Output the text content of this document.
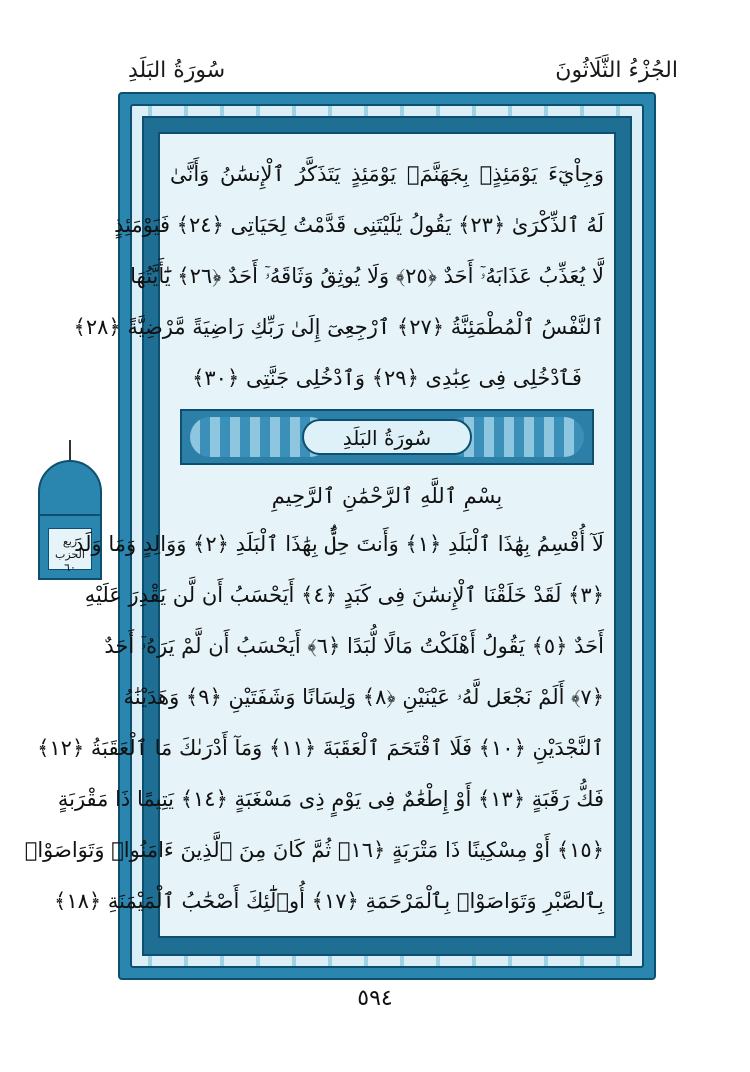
سُورَةُ البَلَدِ	الجُزْءُ الثَّلَاثُونَ
ربع
الحزب
٦٠
وَجِاْيٓءَ يَوْمَئِذٍۭ بِجَهَنَّمَۚ يَوْمَئِذٍ يَتَذَكَّرُ ٱلْإِنسَٰنُ وَأَنَّىٰ
لَهُ ٱلذِّكْرَىٰ ﴿٢٣﴾ يَقُولُ يَٰلَيْتَنِى قَدَّمْتُ لِحَيَاتِى ﴿٢٤﴾ فَيَوْمَئِذٍ
لَّا يُعَذِّبُ عَذَابَهُۥٓ أَحَدٌ ﴿٢٥﴾ وَلَا يُوثِقُ وَثَاقَهُۥٓ أَحَدٌ ﴿٢٦﴾ يَٰٓأَيَّتُهَا
ٱلنَّفْسُ ٱلْمُطْمَئِنَّةُ ﴿٢٧﴾ ٱرْجِعِىٓ إِلَىٰ رَبِّكِ رَاضِيَةً مَّرْضِيَّةً ﴿٢٨﴾
فَٱدْخُلِى فِى عِبَٰدِى ﴿٢٩﴾ وَٱدْخُلِى جَنَّتِى ﴿٣٠﴾
سُورَةُ البَلَدِ
بِسْمِ ٱللَّهِ ٱلرَّحْمَٰنِ ٱلرَّحِيمِ
لَآ أُقْسِمُ بِهَٰذَا ٱلْبَلَدِ ﴿١﴾ وَأَنتَ حِلٌّۢ بِهَٰذَا ٱلْبَلَدِ ﴿٢﴾ وَوَالِدٍ وَمَا وَلَدَ
﴿٣﴾ لَقَدْ خَلَقْنَا ٱلْإِنسَٰنَ فِى كَبَدٍ ﴿٤﴾ أَيَحْسَبُ أَن لَّن يَقْدِرَ عَلَيْهِ
أَحَدٌ ﴿٥﴾ يَقُولُ أَهْلَكْتُ مَالًا لُّبَدًا ﴿٦﴾ أَيَحْسَبُ أَن لَّمْ يَرَهُۥٓ أَحَدٌ
﴿٧﴾ أَلَمْ نَجْعَل لَّهُۥ عَيْنَيْنِ ﴿٨﴾ وَلِسَانًا وَشَفَتَيْنِ ﴿٩﴾ وَهَدَيْنَٰهُ
ٱلنَّجْدَيْنِ ﴿١٠﴾ فَلَا ٱقْتَحَمَ ٱلْعَقَبَةَ ﴿١١﴾ وَمَآ أَدْرَىٰكَ مَا ٱلْعَقَبَةُ ﴿١٢﴾
فَكُّ رَقَبَةٍ ﴿١٣﴾ أَوْ إِطْعَٰمٌ فِى يَوْمٍ ذِى مَسْغَبَةٍ ﴿١٤﴾ يَتِيمًا ذَا مَقْرَبَةٍ
﴿١٥﴾ أَوْ مِسْكِينًا ذَا مَتْرَبَةٍ ﴿١٦﴾ ثُمَّ كَانَ مِنَ ٱلَّذِينَ ءَامَنُوا۟ وَتَوَاصَوْا۟
بِٱلصَّبْرِ وَتَوَاصَوْا۟ بِٱلْمَرْحَمَةِ ﴿١٧﴾ أُو۟لَٰٓئِكَ أَصْحَٰبُ ٱلْمَيْمَنَةِ ﴿١٨﴾
٥٩٤
